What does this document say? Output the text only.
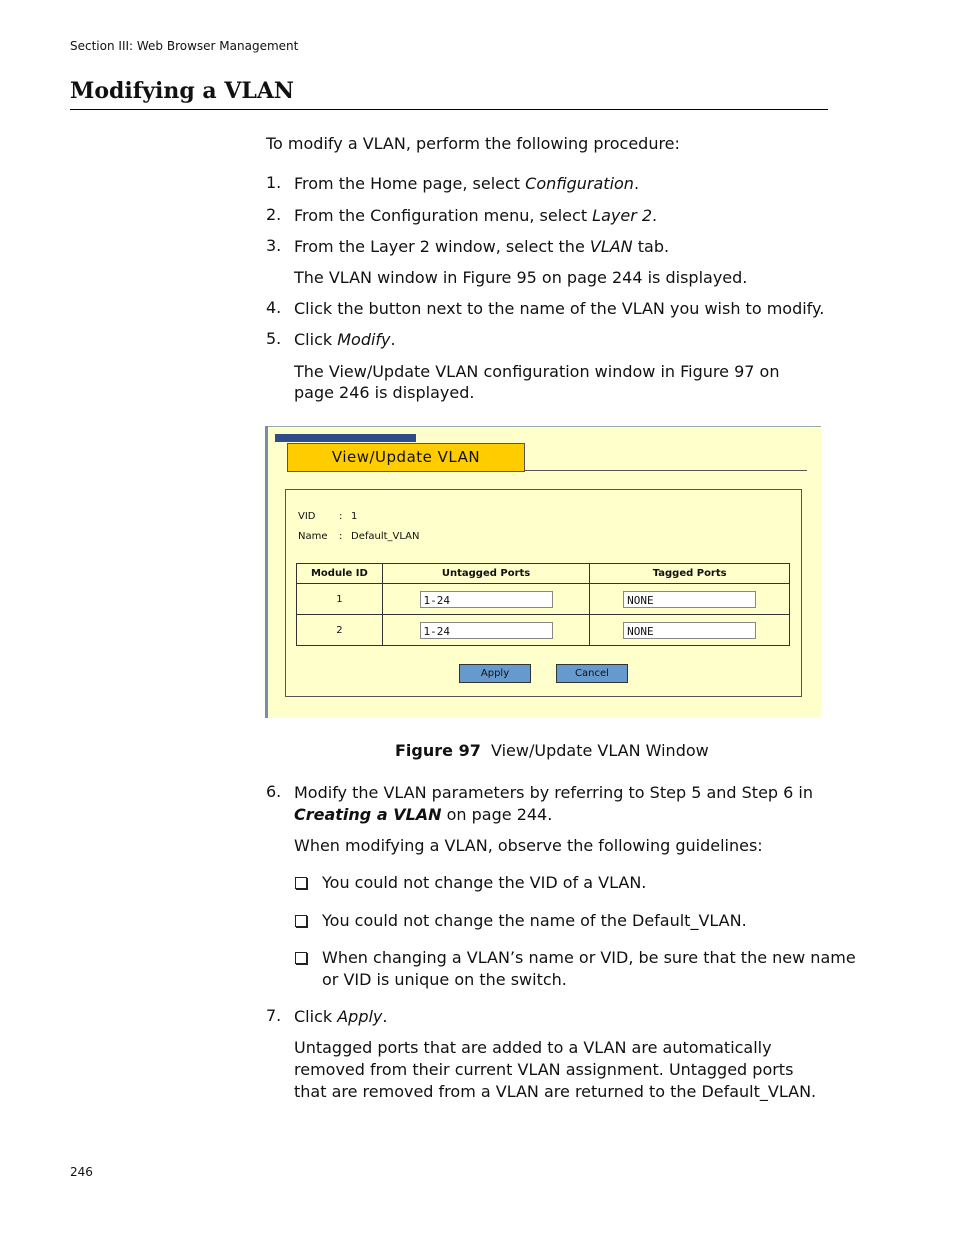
Section III: Web Browser Management
Modifying a VLAN
To modify a VLAN, perform the following procedure:
1. From the Home page, select Configuration.
2. From the Configuration menu, select Layer 2.
3. From the Layer 2 window, select the VLAN tab.
The VLAN window in Figure 95 on page 244 is displayed.
4. Click the button next to the name of the VLAN you wish to modify.
5. Click Modify.
The View/Update VLAN configuration window in Figure 97 on
page 246 is displayed.
View/Update VLAN
VID : 1
Name : Default_VLAN
Module ID	Untagged Ports	Tagged Ports
1	1-24	NONE
2	1-24	NONE
Apply	Cancel
Figure 97 View/Update VLAN Window
6. Modify the VLAN parameters by referring to Step 5 and Step 6 in
Creating a VLAN on page 244.
When modifying a VLAN, observe the following guidelines:
You could not change the VID of a VLAN.
You could not change the name of the Default_VLAN.
When changing a VLAN’s name or VID, be sure that the new name
or VID is unique on the switch.
7. Click Apply.
Untagged ports that are added to a VLAN are automatically
removed from their current VLAN assignment. Untagged ports
that are removed from a VLAN are returned to the Default_VLAN.
246
